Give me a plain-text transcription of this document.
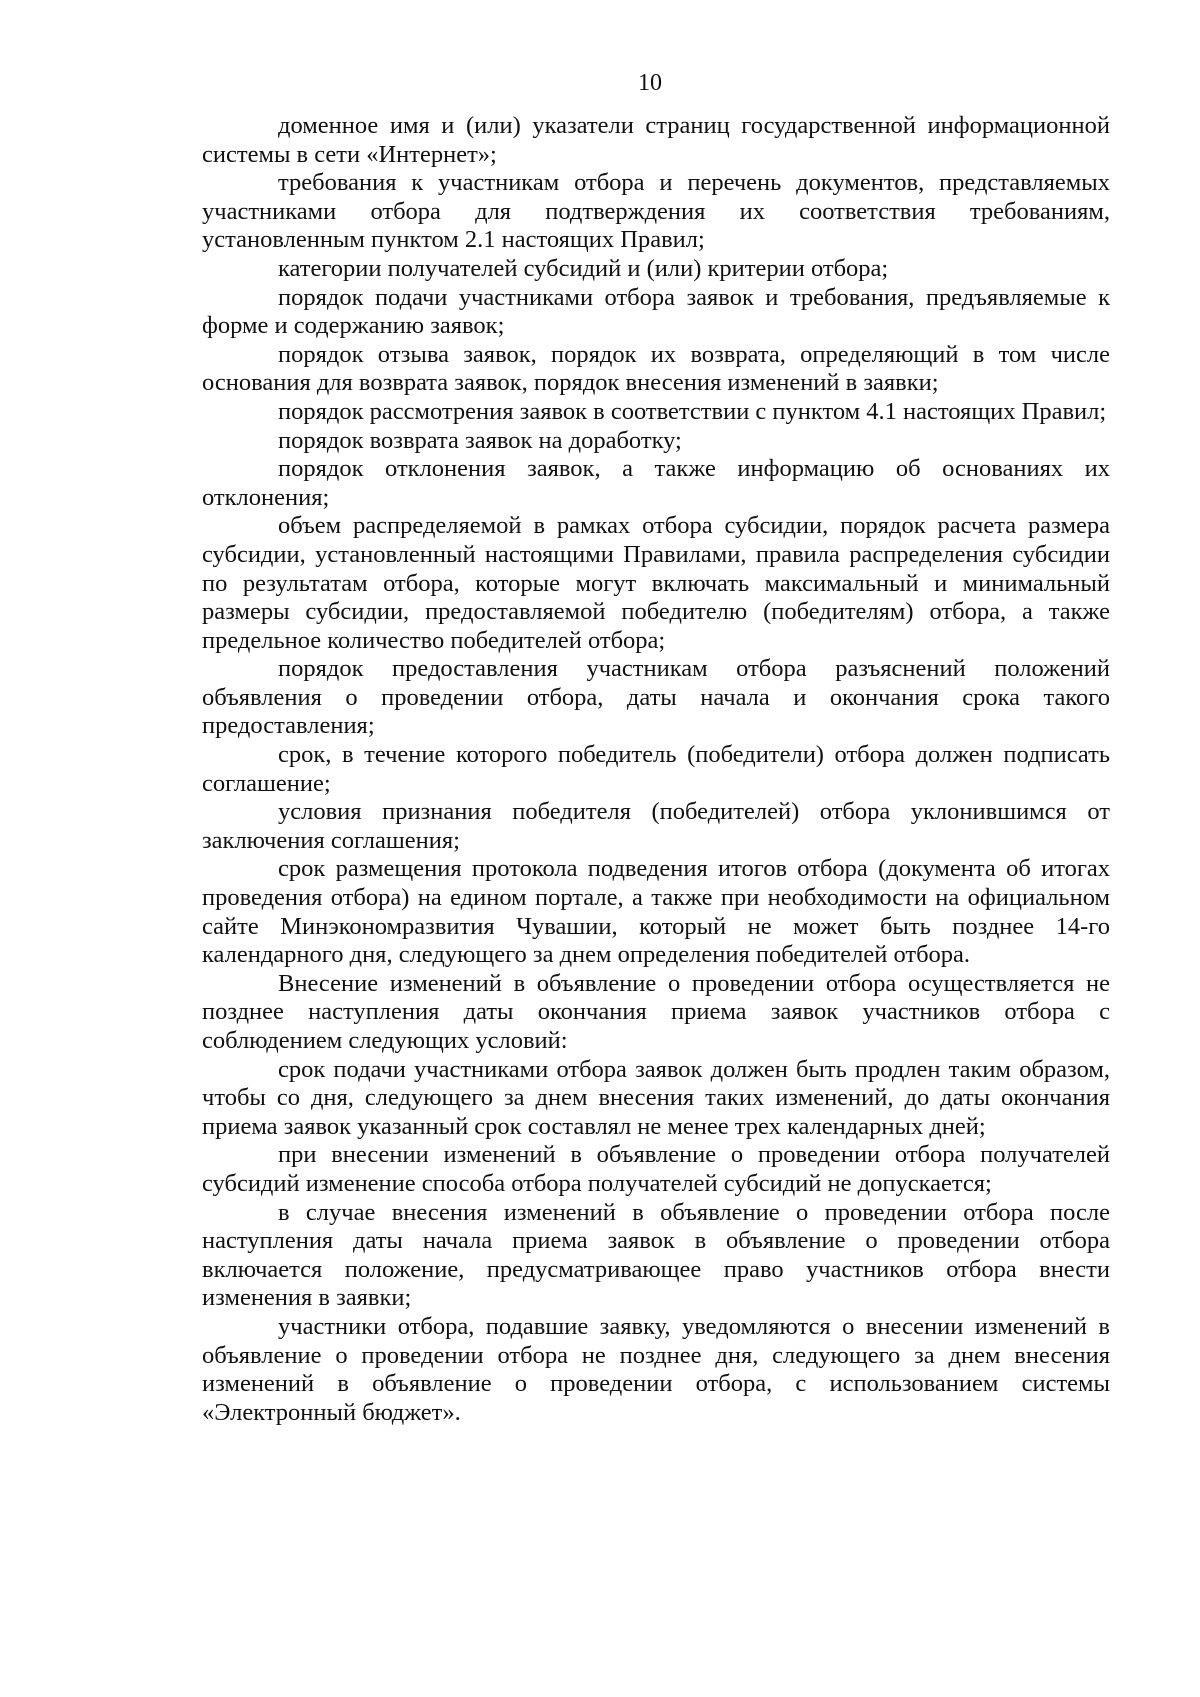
10

доменное имя и (или) указатели страниц государственной информационной системы в сети «Интернет»;

требования к участникам отбора и перечень документов, представляемых участниками отбора для подтверждения их соответствия требованиям, установленным пунктом 2.1 настоящих Правил;

категории получателей субсидий и (или) критерии отбора;

порядок подачи участниками отбора заявок и требования, предъявляемые к форме и содержанию заявок;

порядок отзыва заявок, порядок их возврата, определяющий в том числе основания для возврата заявок, порядок внесения изменений в заявки;

порядок рассмотрения заявок в соответствии с пунктом 4.1 настоящих Правил;

порядок возврата заявок на доработку;

порядок отклонения заявок, а также информацию об основаниях их отклонения;

объем распределяемой в рамках отбора субсидии, порядок расчета размера субсидии, установленный настоящими Правилами, правила распределения субсидии по результатам отбора, которые могут включать максимальный и минимальный размеры субсидии, предоставляемой победителю (победителям) отбора, а также предельное количество победителей отбора;

порядок предоставления участникам отбора разъяснений положений объявления о проведении отбора, даты начала и окончания срока такого предоставления;

срок, в течение которого победитель (победители) отбора должен подписать соглашение;

условия признания победителя (победителей) отбора уклонившимся от заключения соглашения;

срок размещения протокола подведения итогов отбора (документа об итогах проведения отбора) на едином портале, а также при необходимости на официальном сайте Минэкономразвития Чувашии, который не может быть позднее 14-го календарного дня, следующего за днем определения победителей отбора.

Внесение изменений в объявление о проведении отбора осуществляется не позднее наступления даты окончания приема заявок участников отбора с соблюдением следующих условий:

срок подачи участниками отбора заявок должен быть продлен таким образом, чтобы со дня, следующего за днем внесения таких изменений, до даты окончания приема заявок указанный срок составлял не менее трех календарных дней;

при внесении изменений в объявление о проведении отбора получателей субсидий изменение способа отбора получателей субсидий не допускается;

в случае внесения изменений в объявление о проведении отбора после наступления даты начала приема заявок в объявление о проведении отбора включается положение, предусматривающее право участников отбора внести изменения в заявки;

участники отбора, подавшие заявку, уведомляются о внесении изменений в объявление о проведении отбора не позднее дня, следующего за днем внесения изменений в объявление о проведении отбора, с использованием системы «Электронный бюджет».
